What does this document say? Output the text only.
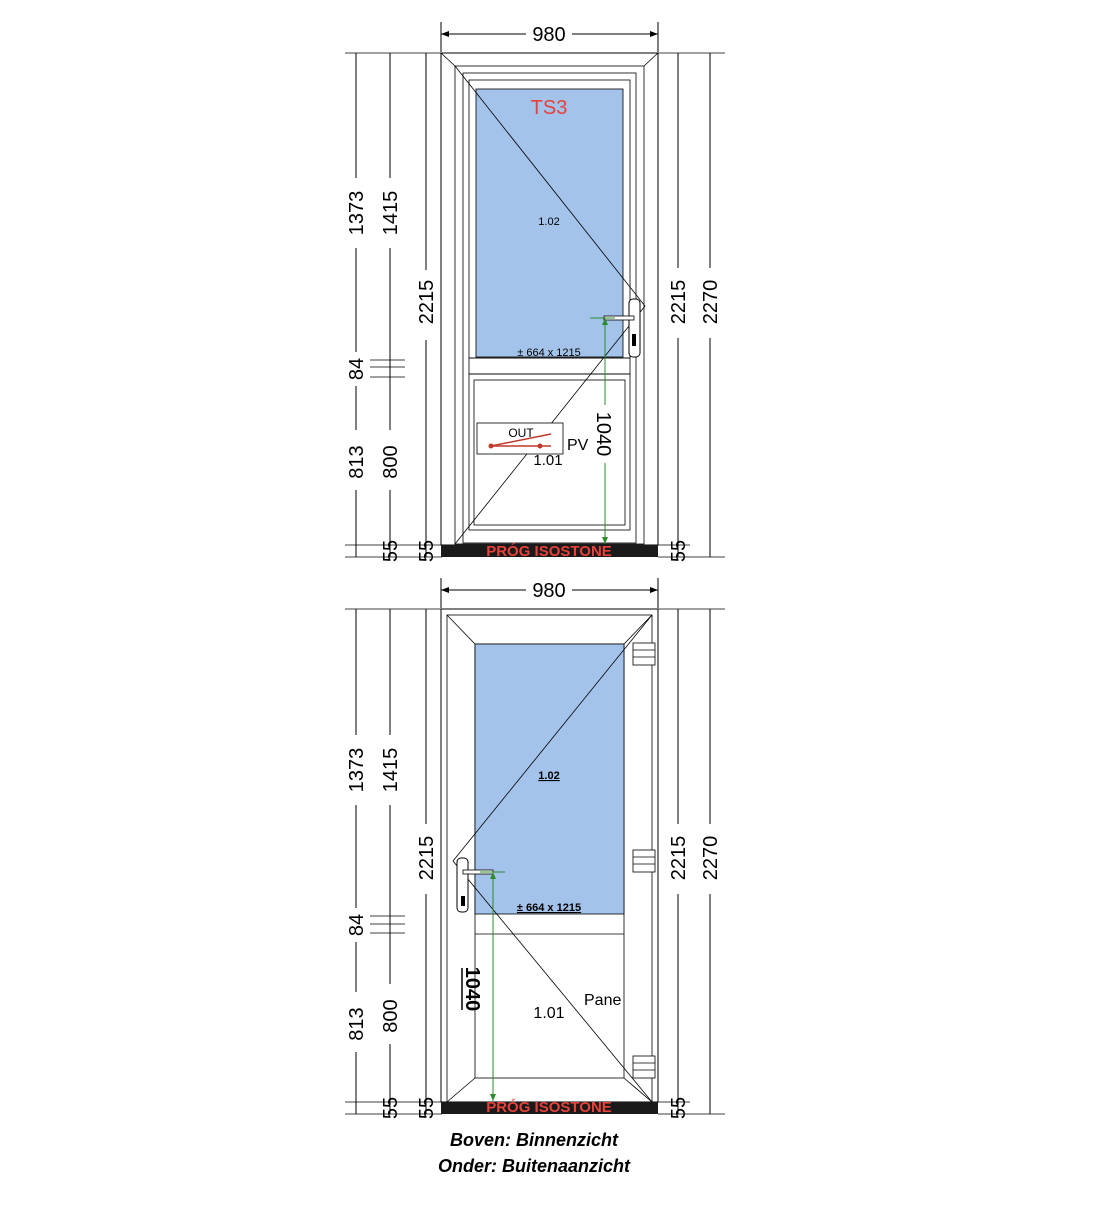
980
1373 1415
84
813 800
2215
55 55
2215 2270
55
TS3
1.02
± 664 x 1215
1040
OUT
PV
1.01
PRÓG ISOSTONE
980
1373 1415
84
813 800
2215
55 55
2215 2270
55
1.02
± 664 x 1215
1040	Pane
1.01
PRÓG ISOSTONE
Boven: Binnenzicht
Onder: Buitenaanzicht
